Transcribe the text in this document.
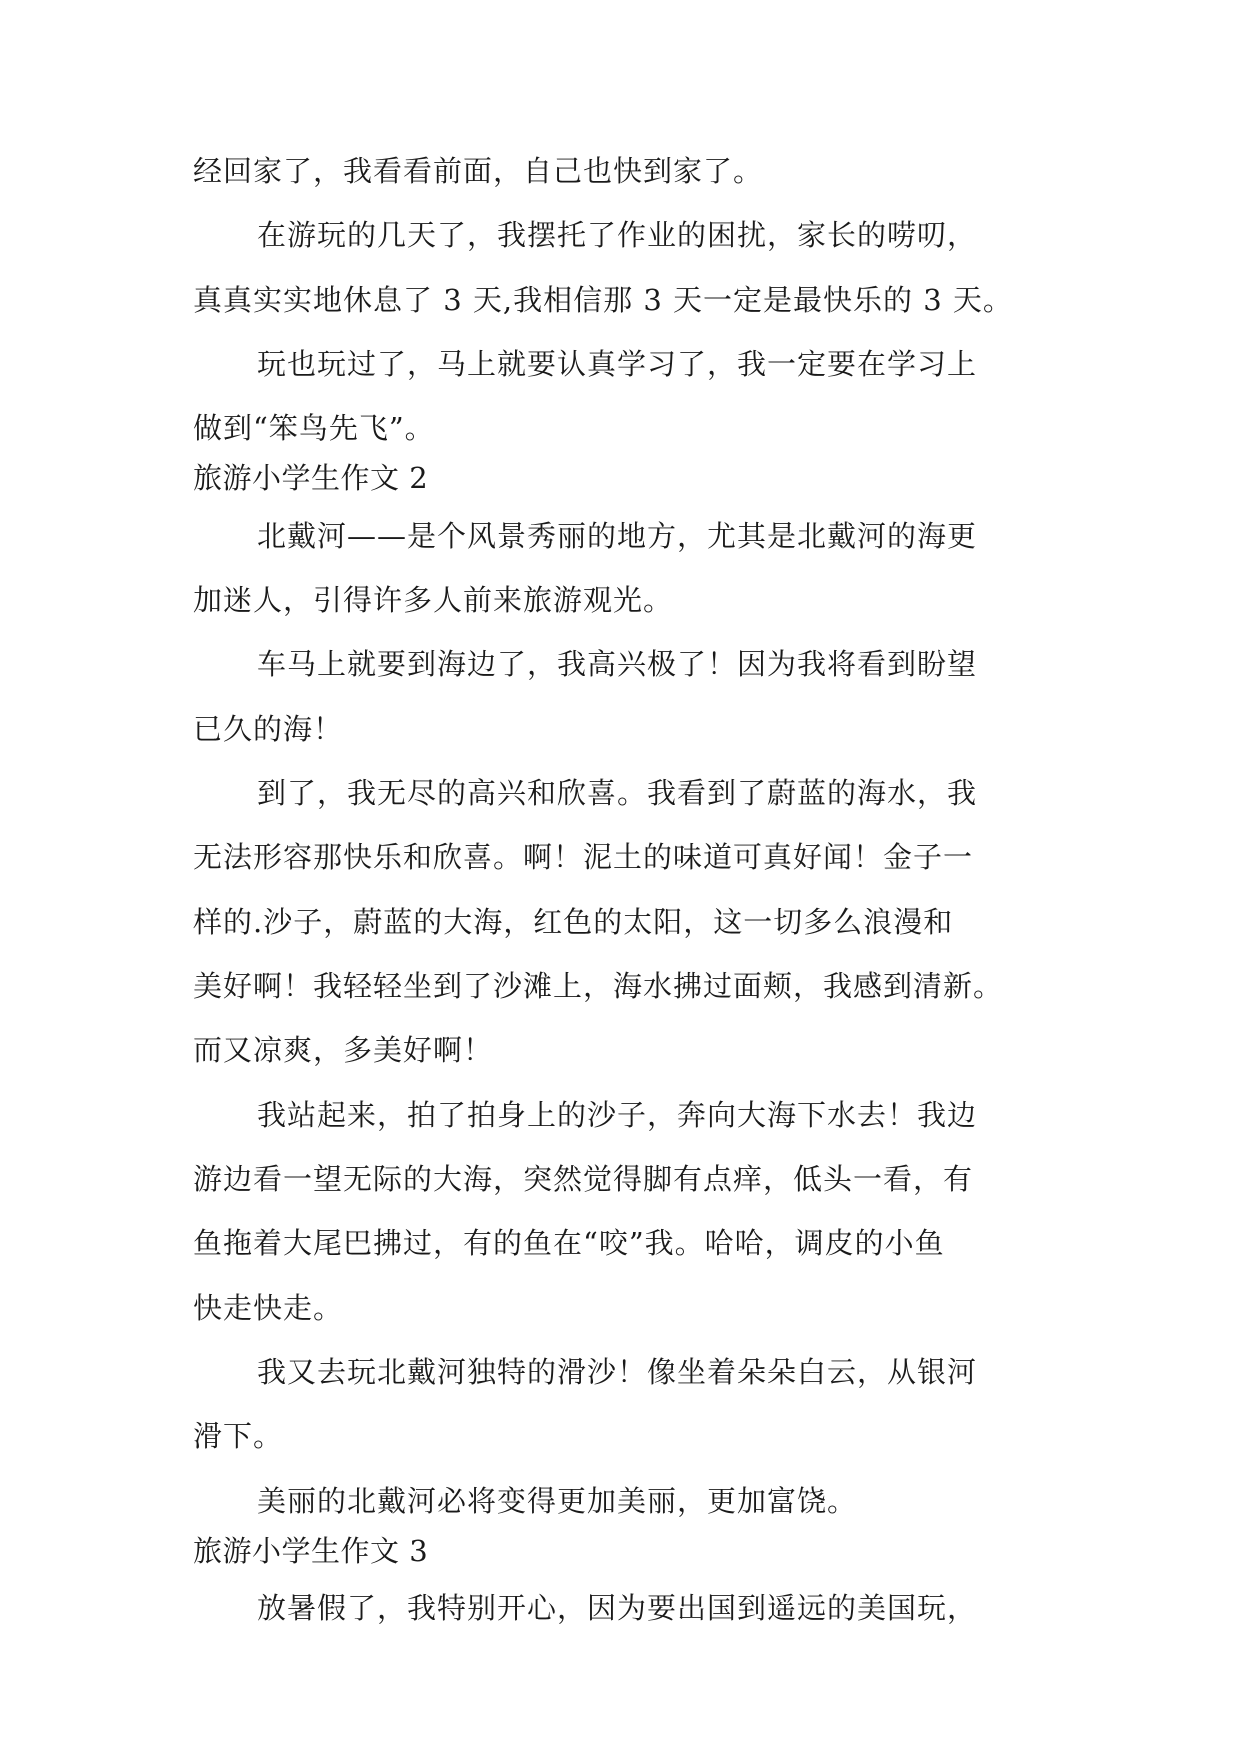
经回家了，我看看前面，自己也快到家了。
在游玩的几天了，我摆托了作业的困扰，家长的唠叨，
真真实实地休息了 3 天,我相信那 3 天一定是最快乐的 3 天。
玩也玩过了，马上就要认真学习了，我一定要在学习上
做到“笨鸟先飞”。
旅游小学生作文 2
北戴河——是个风景秀丽的地方，尤其是北戴河的海更
加迷人，引得许多人前来旅游观光。
车马上就要到海边了，我高兴极了！因为我将看到盼望
已久的海！
到了，我无尽的高兴和欣喜。我看到了蔚蓝的海水，我
无法形容那快乐和欣喜。啊！泥土的味道可真好闻！金子一
样的.沙子，蔚蓝的大海，红色的太阳，这一切多么浪漫和
美好啊！我轻轻坐到了沙滩上，海水拂过面颊，我感到清新。
而又凉爽，多美好啊！
我站起来，拍了拍身上的沙子，奔向大海下水去！我边
游边看一望无际的大海，突然觉得脚有点痒，低头一看，有
鱼拖着大尾巴拂过，有的鱼在“咬”我。哈哈，调皮的小鱼
快走快走。
我又去玩北戴河独特的滑沙！像坐着朵朵白云，从银河
滑下。
美丽的北戴河必将变得更加美丽，更加富饶。
旅游小学生作文 3
放暑假了，我特别开心，因为要出国到遥远的美国玩，
